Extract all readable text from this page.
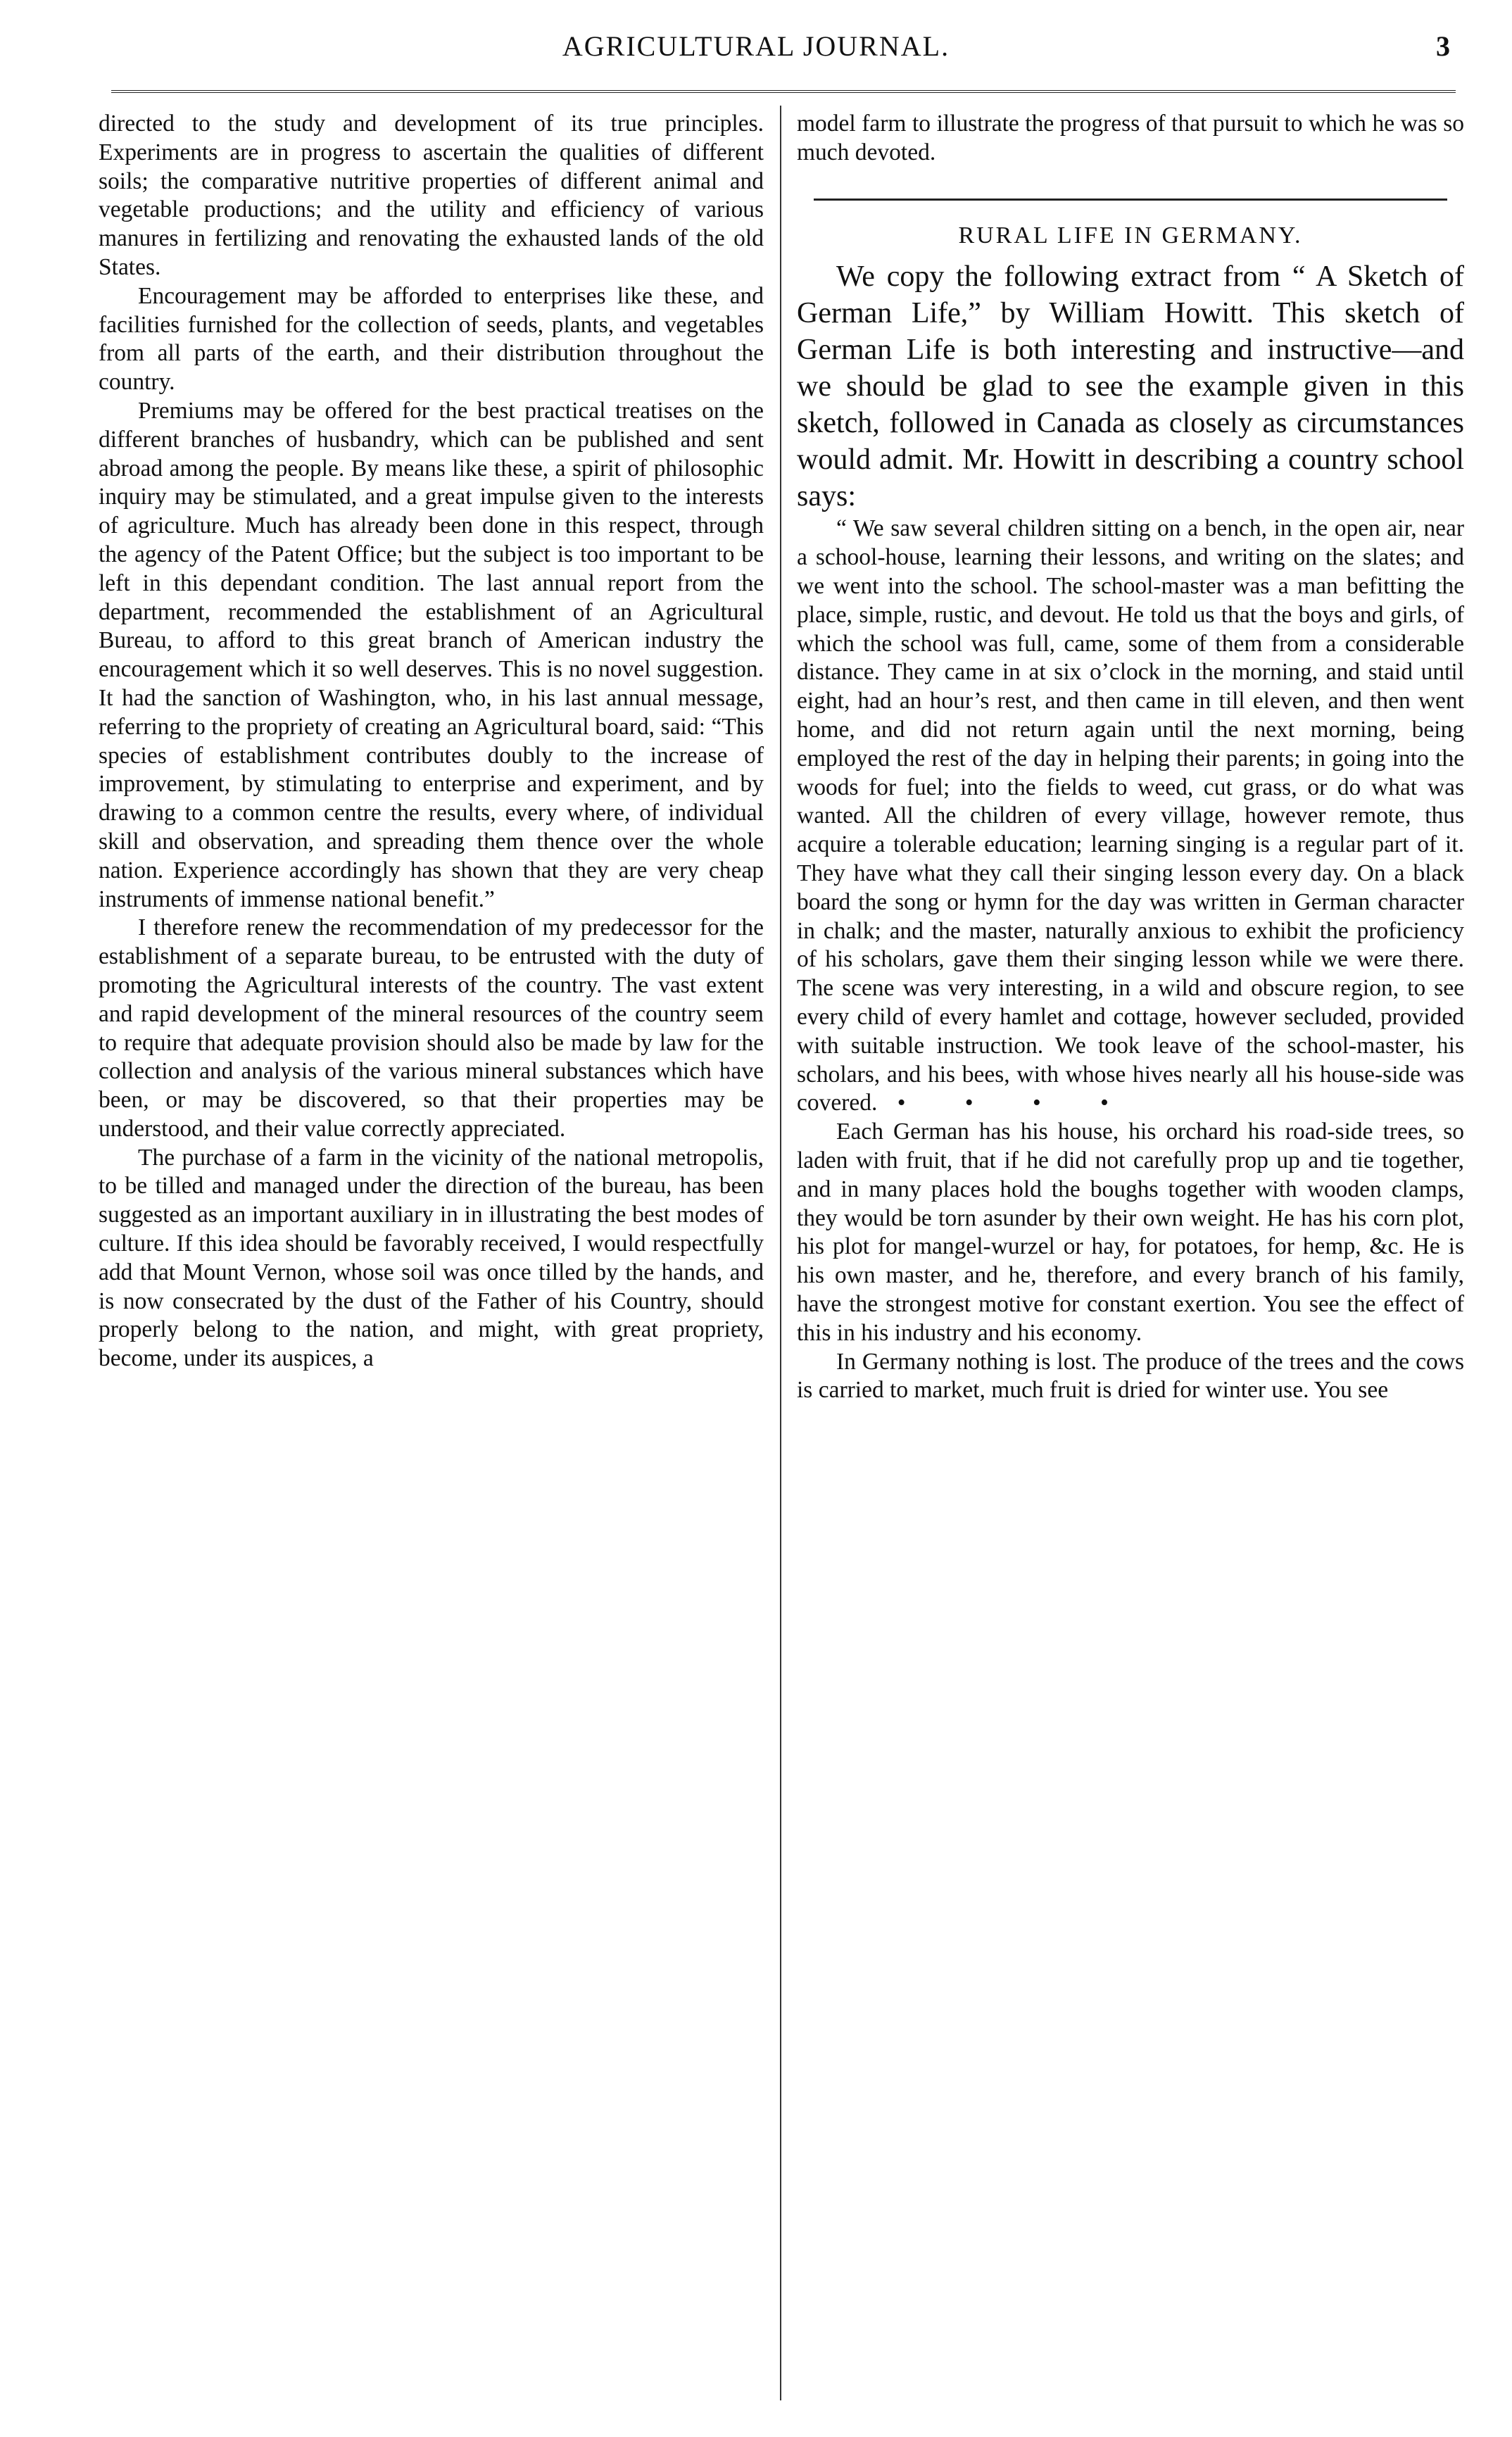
AGRICULTURAL JOURNAL.	3

directed to the study and development of its true principles. Experiments are in progress to ascertain the qualities of different soils; the comparative nutritive properties of different animal and vegetable productions; and the utility and efficiency of various manures in fertilizing and renovating the exhausted lands of the old States.

Encouragement may be afforded to enterprises like these, and facilities furnished for the collection of seeds, plants, and vegetables from all parts of the earth, and their distribution throughout the country.

Premiums may be offered for the best practical treatises on the different branches of husbandry, which can be published and sent abroad among the people. By means like these, a spirit of philosophic inquiry may be stimulated, and a great impulse given to the interests of agriculture. Much has already been done in this respect, through the agency of the Patent Office; but the subject is too important to be left in this dependant condition. The last annual report from the department, recommended the establishment of an Agricultural Bureau, to afford to this great branch of American industry the encouragement which it so well deserves. This is no novel suggestion. It had the sanction of Washington, who, in his last annual message, referring to the propriety of creating an Agricultural board, said: “This species of establishment contributes doubly to the increase of improvement, by stimulating to enterprise and experiment, and by drawing to a common centre the results, every where, of individual skill and observation, and spreading them thence over the whole nation. Experience accordingly has shown that they are very cheap instruments of immense national benefit.”

I therefore renew the recommendation of my predecessor for the establishment of a separate bureau, to be entrusted with the duty of promoting the Agricultural interests of the country. The vast extent and rapid development of the mineral resources of the country seem to require that adequate provision should also be made by law for the collection and analysis of the various mineral substances which have been, or may be discovered, so that their properties may be understood, and their value correctly appreciated.

The purchase of a farm in the vicinity of the national metropolis, to be tilled and managed under the direction of the bureau, has been suggested as an important auxiliary in in illustrating the best modes of culture. If this idea should be favorably received, I would respectfully add that Mount Vernon, whose soil was once tilled by the hands, and is now consecrated by the dust of the Father of his Country, should properly belong to the nation, and might, with great propriety, become, under its auspices, a

model farm to illustrate the progress of that pursuit to which he was so much devoted.

RURAL LIFE IN GERMANY.

We copy the following extract from “ A Sketch of German Life,” by William Howitt. This sketch of German Life is both interesting and instructive—and we should be glad to see the example given in this sketch, followed in Canada as closely as circumstances would admit. Mr. Howitt in describing a country school says:

“ We saw several children sitting on a bench, in the open air, near a school-house, learning their lessons, and writing on the slates; and we went into the school. The school-master was a man befitting the place, simple, rustic, and devout. He told us that the boys and girls, of which the school was full, came, some of them from a considerable distance. They came in at six o’clock in the morning, and staid until eight, had an hour’s rest, and then came in till eleven, and then went home, and did not return again until the next morning, being employed the rest of the day in helping their parents; in going into the woods for fuel; into the fields to weed, cut grass, or do what was wanted. All the children of every village, however remote, thus acquire a tolerable education; learning singing is a regular part of it. They have what they call their singing lesson every day. On a black board the song or hymn for the day was written in German character in chalk; and the master, naturally anxious to exhibit the proficiency of his scholars, gave them their singing lesson while we were there. The scene was very interesting, in a wild and obscure region, to see every child of every hamlet and cottage, however secluded, provided with suitable instruction. We took leave of the school-master, his scholars, and his bees, with whose hives nearly all his house-side was covered. • • • •

Each German has his house, his orchard his road-side trees, so laden with fruit, that if he did not carefully prop up and tie together, and in many places hold the boughs together with wooden clamps, they would be torn asunder by their own weight. He has his corn plot, his plot for mangel-wurzel or hay, for potatoes, for hemp, &c. He is his own master, and he, therefore, and every branch of his family, have the strongest motive for constant exertion. You see the effect of this in his industry and his economy.

In Germany nothing is lost. The produce of the trees and the cows is carried to market, much fruit is dried for winter use. You see
